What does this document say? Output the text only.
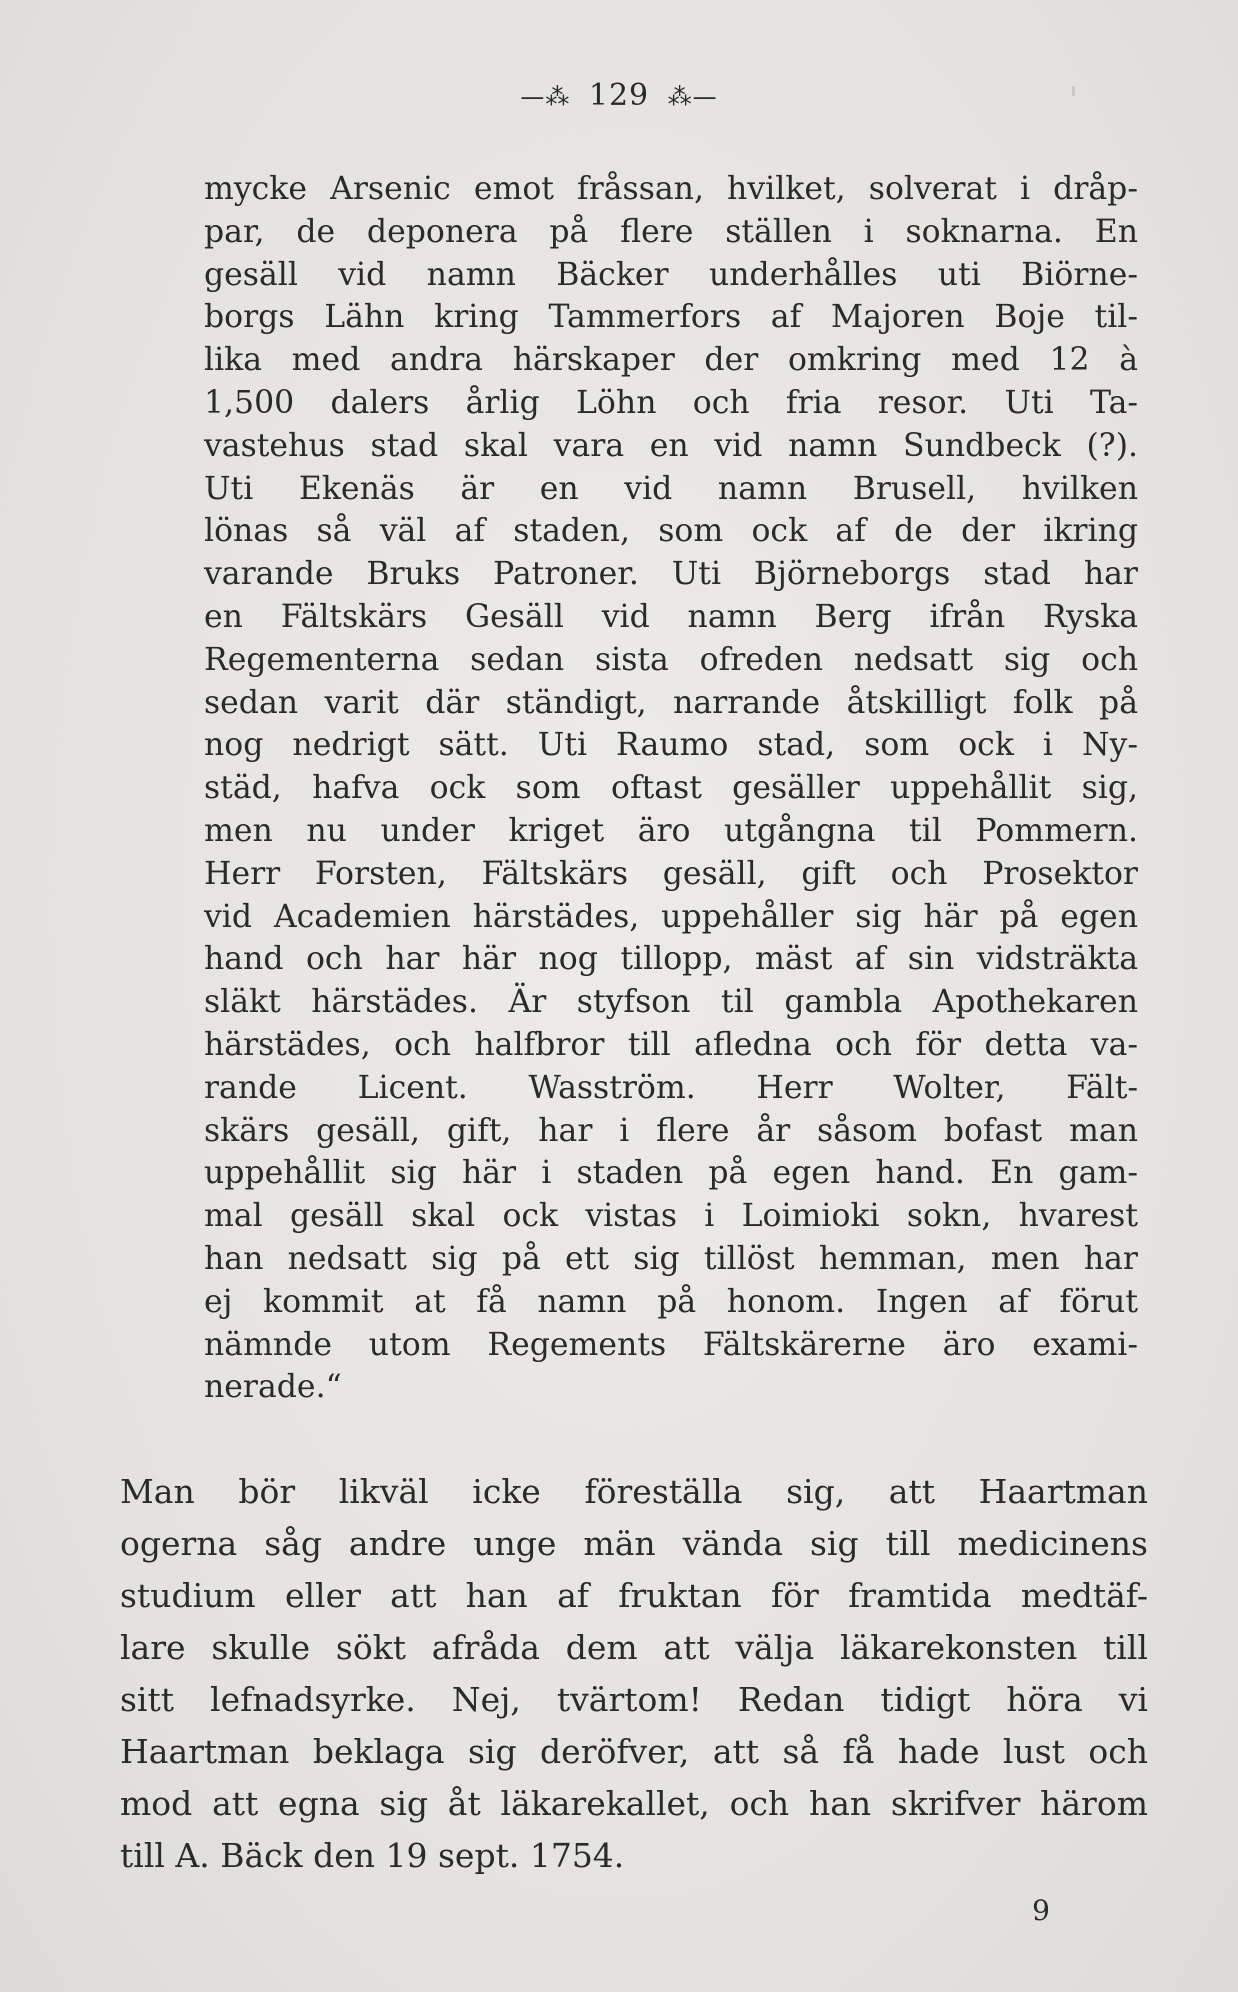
—⁂ 129 ⁂—
mycke Arsenic emot fråssan, hvilket, solverat i dråp-
par, de deponera på flere ställen i soknarna. En
gesäll vid namn Bäcker underhålles uti Biörne-
borgs Lähn kring Tammerfors af Majoren Boje til-
lika med andra härskaper der omkring med 12 à
1,500 dalers årlig Löhn och fria resor. Uti Ta-
vastehus stad skal vara en vid namn Sundbeck (?).
Uti Ekenäs är en vid namn Brusell, hvilken
lönas så väl af staden, som ock af de der ikring
varande Bruks Patroner. Uti Björneborgs stad har
en Fältskärs Gesäll vid namn Berg ifrån Ryska
Regementerna sedan sista ofreden nedsatt sig och
sedan varit där ständigt, narrande åtskilligt folk på
nog nedrigt sätt. Uti Raumo stad, som ock i Ny-
städ, hafva ock som oftast gesäller uppehållit sig,
men nu under kriget äro utgångna til Pommern.
Herr Forsten, Fältskärs gesäll, gift och Prosektor
vid Academien härstädes, uppehåller sig här på egen
hand och har här nog tillopp, mäst af sin vidsträkta
släkt härstädes. Är styfson til gambla Apothekaren
härstädes, och halfbror till afledna och för detta va-
rande Licent. Wasström. Herr Wolter, Fält-
skärs gesäll, gift, har i flere år såsom bofast man
uppehållit sig här i staden på egen hand. En gam-
mal gesäll skal ock vistas i Loimioki sokn, hvarest
han nedsatt sig på ett sig tillöst hemman, men har
ej kommit at få namn på honom. Ingen af förut
nämnde utom Regements Fältskärerne äro exami-
nerade.“
Man bör likväl icke föreställa sig, att Haartman
ogerna såg andre unge män vända sig till medicinens
studium eller att han af fruktan för framtida medtäf-
lare skulle sökt afråda dem att välja läkarekonsten till
sitt lefnadsyrke. Nej, tvärtom! Redan tidigt höra vi
Haartman beklaga sig deröfver, att så få hade lust och
mod att egna sig åt läkarekallet, och han skrifver härom
till A. Bäck den 19 sept. 1754.
9
